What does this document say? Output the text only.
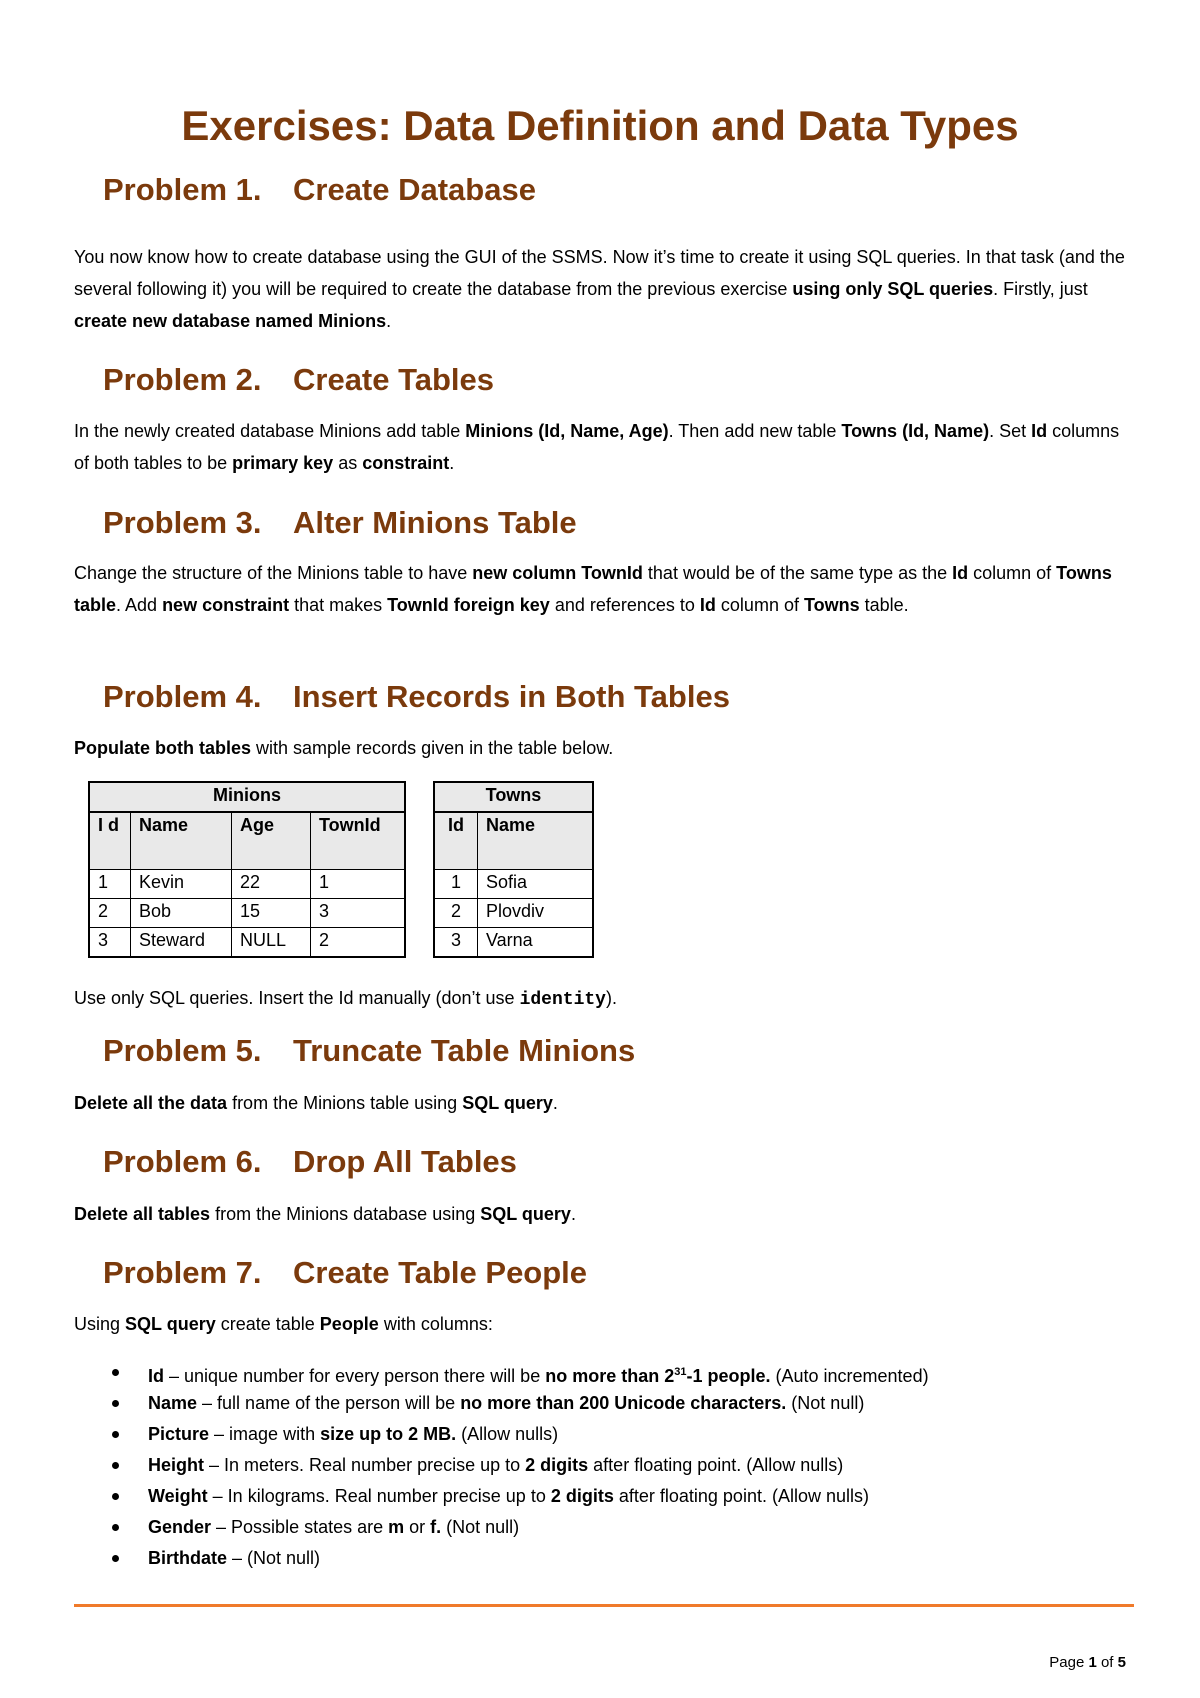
Exercises: Data Definition and Data Types
Problem 1. Create Database

You now know how to create database using the GUI of the SSMS. Now it’s time to create it using SQL queries. In that task (and the several following it) you will be required to create the database from the previous exercise using only SQL queries. Firstly, just create new database named Minions.

Problem 2. Create Tables

In the newly created database Minions add table Minions (Id, Name, Age). Then add new table Towns (Id, Name). Set Id columns of both tables to be primary key as constraint.

Problem 3. Alter Minions Table

Change the structure of the Minions table to have new column TownId that would be of the same type as the Id column of Towns table. Add new constraint that makes TownId foreign key and references to Id column of Towns table.

Problem 4. Insert Records in Both Tables

Populate both tables with sample records given in the table below.

Minions			
I d	Name	Age	TownId
1	Kevin	22	1
2	Bob	15	3
3	Steward	NULL	2
Towns	
Id	Name
1	Sofia
2	Plovdiv
3	Varna

Use only SQL queries. Insert the Id manually (don’t use identity).

Problem 5. Truncate Table Minions

Delete all the data from the Minions table using SQL query.

Problem 6. Drop All Tables

Delete all tables from the Minions database using SQL query.

Problem 7. Create Table People

Using SQL query create table People with columns:

Id – unique number for every person there will be no more than $2^{31}-1$ people. (Auto incremented)
Name – full name of the person will be no more than 200 Unicode characters. (Not null)
Picture – image with size up to 2 MB. (Allow nulls)
Height – In meters. Real number precise up to 2 digits after floating point. (Allow nulls)
Weight – In kilograms. Real number precise up to 2 digits after floating point. (Allow nulls)
Gender – Possible states are m or f. (Not null)
Birthdate – (Not null)
Page 1 of 5
